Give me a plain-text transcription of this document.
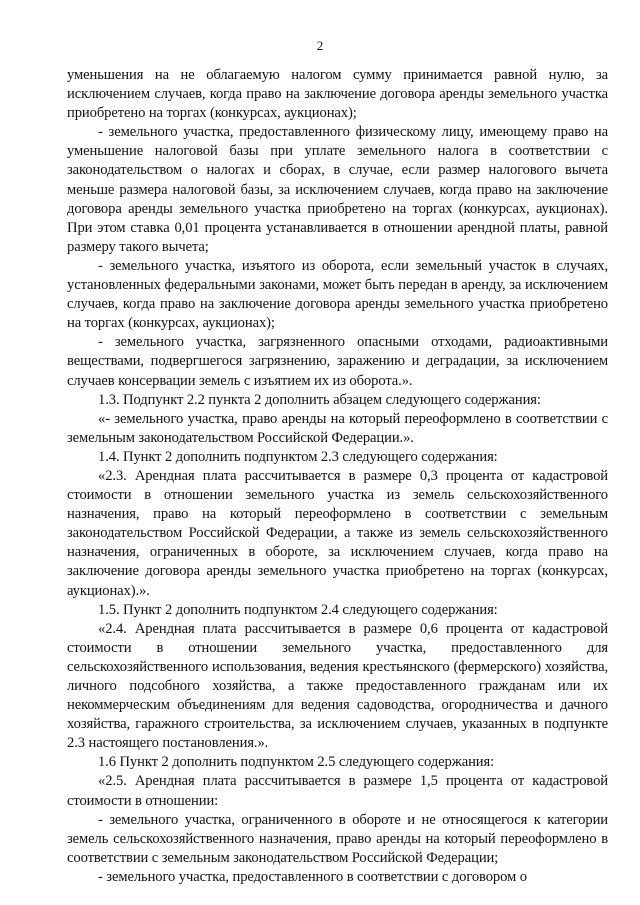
2

уменьшения на не облагаемую налогом сумму принимается равной нулю, за исключением случаев, когда право на заключение договора аренды земельного участка приобретено на торгах (конкурсах, аукционах);

- земельного участка, предоставленного физическому лицу, имеющему право на уменьшение налоговой базы при уплате земельного налога в соответствии с законодательством о налогах и сборах, в случае, если размер налогового вычета меньше размера налоговой базы, за исключением случаев, когда право на заключение договора аренды земельного участка приобретено на торгах (конкурсах, аукционах). При этом ставка 0,01 процента устанавливается в отношении арендной платы, равной размеру такого вычета;

- земельного участка, изъятого из оборота, если земельный участок в случаях, установленных федеральными законами, может быть передан в аренду, за исключением случаев, когда право на заключение договора аренды земельного участка приобретено на торгах (конкурсах, аукционах);

- земельного участка, загрязненного опасными отходами, радиоактивными веществами, подвергшегося загрязнению, заражению и деградации, за исключением случаев консервации земель с изъятием их из оборота.».

1.3. Подпункт 2.2 пункта 2 дополнить абзацем следующего содержания:

«- земельного участка, право аренды на который переоформлено в соответствии с земельным законодательством Российской Федерации.».

1.4. Пункт 2 дополнить подпунктом 2.3 следующего содержания:

«2.3. Арендная плата рассчитывается в размере 0,3 процента от кадастровой стоимости в отношении земельного участка из земель сельскохозяйственного назначения, право на который переоформлено в соответствии с земельным законодательством Российской Федерации, а также из земель сельскохозяйственного назначения, ограниченных в обороте, за исключением случаев, когда право на заключение договора аренды земельного участка приобретено на торгах (конкурсах, аукционах).».

1.5. Пункт 2 дополнить подпунктом 2.4 следующего содержания:

«2.4. Арендная плата рассчитывается в размере 0,6 процента от кадастровой стоимости в отношении земельного участка, предоставленного для сельскохозяйственного использования, ведения крестьянского (фермерского) хозяйства, личного подсобного хозяйства, а также предоставленного гражданам или их некоммерческим объединениям для ведения садоводства, огородничества и дачного хозяйства, гаражного строительства, за исключением случаев, указанных в подпункте 2.3 настоящего постановления.».

1.6 Пункт 2 дополнить подпунктом 2.5 следующего содержания:

«2.5. Арендная плата рассчитывается в размере 1,5 процента от кадастровой стоимости в отношении:

- земельного участка, ограниченного в обороте и не относящегося к категории земель сельскохозяйственного назначения, право аренды на который переоформлено в соответствии с земельным законодательством Российской Федерации;

- земельного участка, предоставленного в соответствии с договором о
